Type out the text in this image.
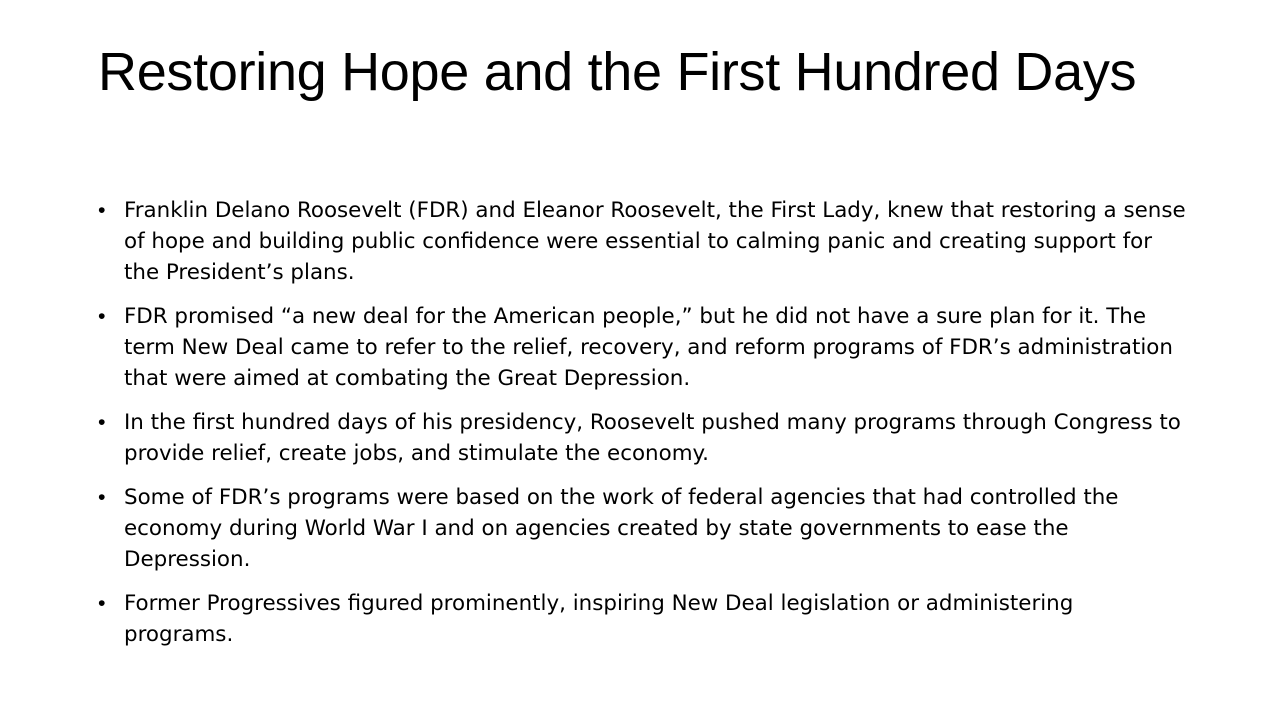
Restoring Hope and the First Hundred Days
• Franklin Delano Roosevelt (FDR) and Eleanor Roosevelt, the First Lady, knew that restoring a sense of hope and building public confidence were essential to calming panic and creating support for the President’s plans.
• FDR promised “a new deal for the American people,” but he did not have a sure plan for it. The term New Deal came to refer to the relief, recovery, and reform programs of FDR’s administration that were aimed at combating the Great Depression.
• In the first hundred days of his presidency, Roosevelt pushed many programs through Congress to provide relief, create jobs, and stimulate the economy.
• Some of FDR’s programs were based on the work of federal agencies that had controlled the economy during World War I and on agencies created by state governments to ease the Depression.
• Former Progressives figured prominently, inspiring New Deal legislation or administering programs.
